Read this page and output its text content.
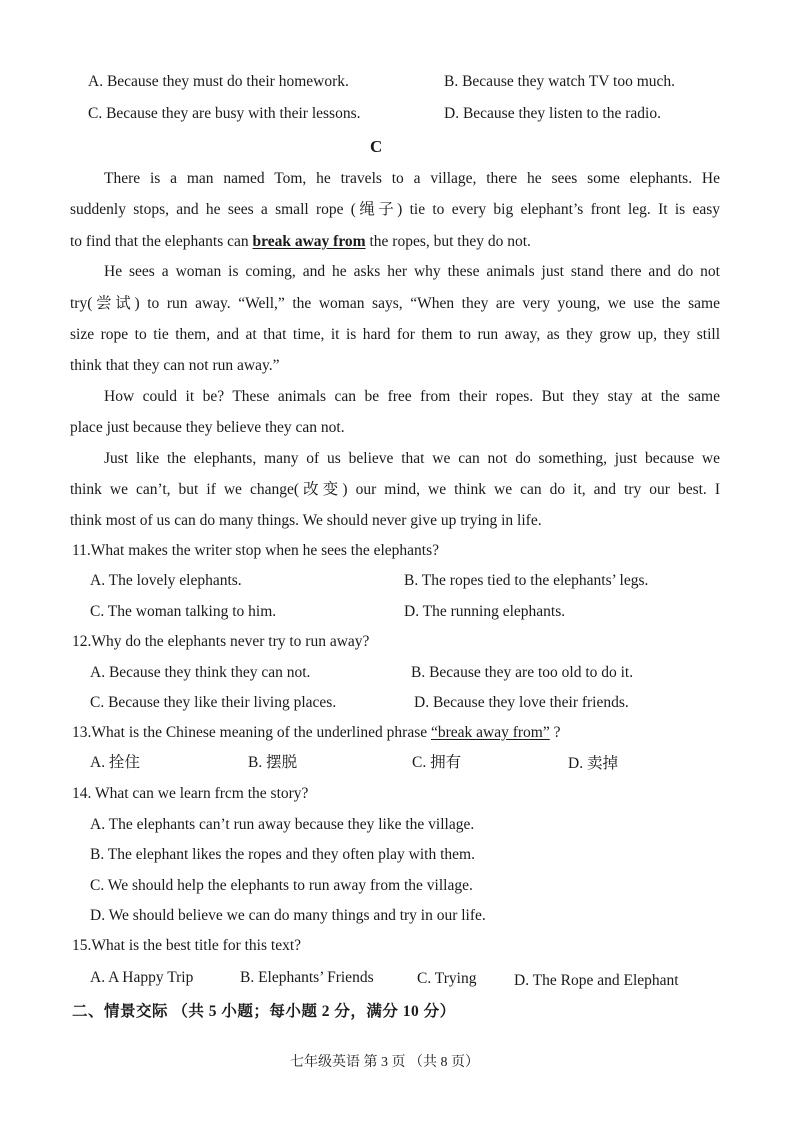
A. Because they must do their homework.	B. Because they watch TV too much.
C. Because they are busy with their lessons.	D. Because they listen to the radio.
C
There is a man named Tom, he travels to a village, there he sees some elephants. He
suddenly stops, and he sees a small rope (绳子) tie to every big elephant’s front leg. It is easy
to find that the elephants can break away from the ropes, but they do not.
He sees a woman is coming, and he asks her why these animals just stand there and do not
try(尝试) to run away. “Well,” the woman says, “When they are very young, we use the same
size rope to tie them, and at that time, it is hard for them to run away, as they grow up, they still
think that they can not run away.”
How could it be? These animals can be free from their ropes. But they stay at the same
place just because they believe they can not.
Just like the elephants, many of us believe that we can not do something, just because we
think we can’t, but if we change(改变) our mind, we think we can do it, and try our best. I
think most of us can do many things. We should never give up trying in life.
11.What makes the writer stop when he sees the elephants?
A. The lovely elephants.	B. The ropes tied to the elephants’ legs.
C. The woman talking to him.	D. The running elephants.
12.Why do the elephants never try to run away?
A. Because they think they can not.	B. Because they are too old to do it.
C. Because they like their living places.	D. Because they love their friends.
13.What is the Chinese meaning of the underlined phrase “break away from” ?
A. 拴住	B. 摆脱	C. 拥有	D. 卖掉
14. What can we learn frcm the story?
A. The elephants can’t run away because they like the village.
B. The elephant likes the ropes and they often play with them.
C. We should help the elephants to run away from the village.
D. We should believe we can do many things and try in our life.
15.What is the best title for this text?
A. A Happy Trip	B. Elephants’ Friends	C. Trying D. The Rope and Elephant
二、情景交际 （共 5 小题；每小题 2 分，满分 10 分）
七年级英语 第 3 页 （共 8 页）
